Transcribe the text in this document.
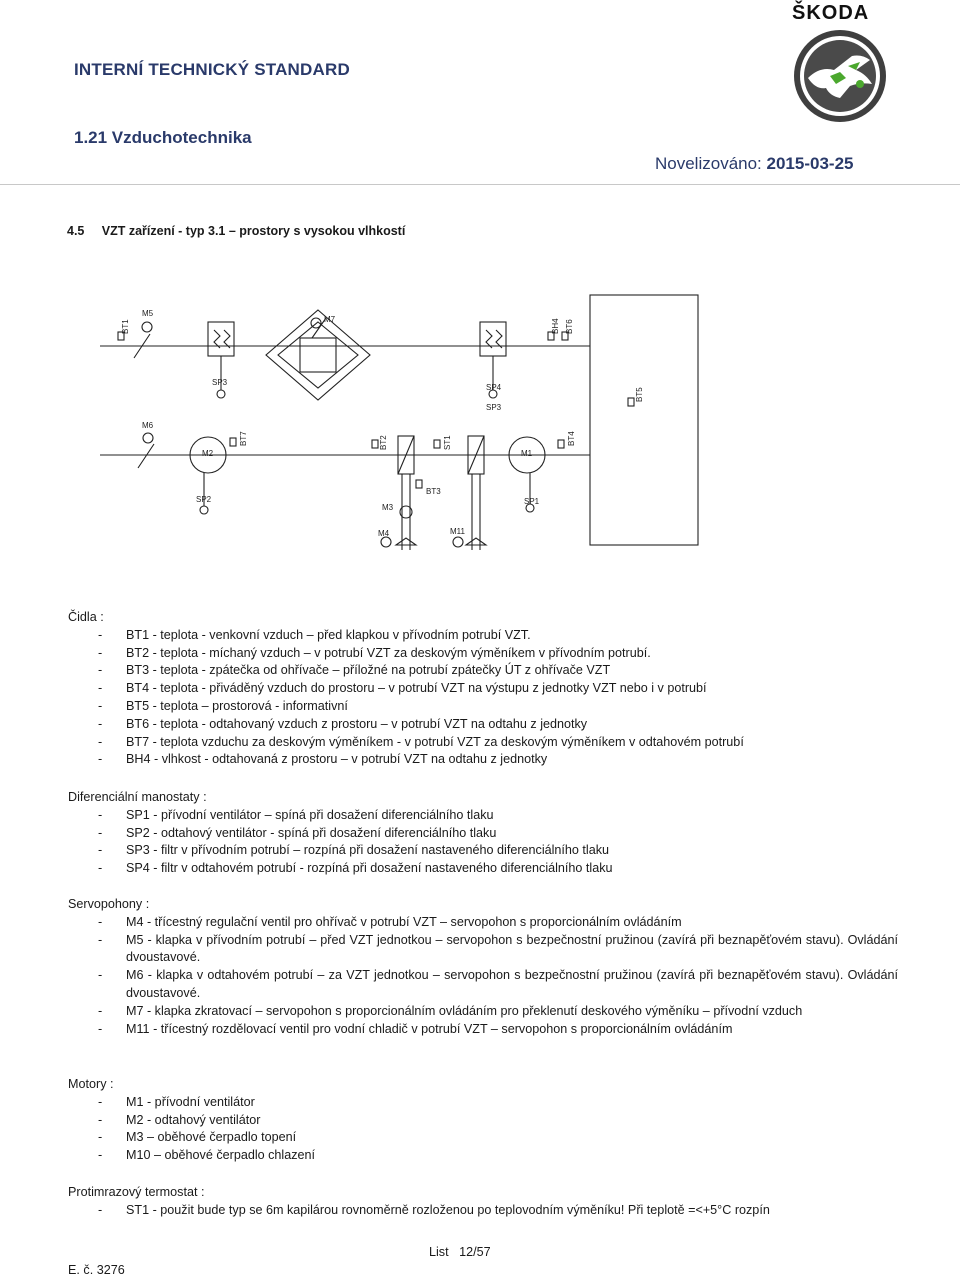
ŠKODA
INTERNÍ TECHNICKÝ STANDARD
1.21 Vzduchotechnika
Novelizováno: 2015-03-25
4.5     VZT zařízení - typ 3.1 – prostory s vysokou vlhkostí
BT1
M5
M7	BH4 BT6
SP3
SP4
SP3
BT5
M6
M2
BT7	BT2	ST1
BT3
M1
BT4
SP2	SP1
M3
M4	M11
Čidla :
-	BT1 - teplota - venkovní vzduch – před klapkou v přívodním potrubí VZT.
-	BT2 - teplota - míchaný vzduch – v potrubí VZT za deskovým výměníkem v přívodním potrubí.
-	BT3 - teplota - zpátečka od ohřívače – příložné na potrubí zpátečky ÚT z ohřívače VZT
-	BT4 - teplota - přiváděný vzduch do prostoru – v potrubí VZT na výstupu z jednotky VZT nebo i v potrubí
-	BT5 - teplota – prostorová - informativní
-	BT6 - teplota - odtahovaný vzduch z prostoru – v potrubí VZT na odtahu z jednotky
-	BT7 - teplota vzduchu za deskovým výměníkem - v potrubí VZT za deskovým výměníkem v odtahovém potrubí
-	BH4 - vlhkost - odtahovaná z prostoru – v potrubí VZT na odtahu z jednotky
Diferenciální manostaty :
-	SP1 - přívodní ventilátor – spíná při dosažení diferenciálního tlaku
-	SP2 - odtahový ventilátor - spíná při dosažení diferenciálního tlaku
-	SP3 - filtr v přívodním potrubí – rozpíná při dosažení nastaveného diferenciálního tlaku
-	SP4 - filtr v odtahovém potrubí - rozpíná při dosažení nastaveného diferenciálního tlaku
Servopohony :
-	M4 - třícestný regulační ventil pro ohřívač v potrubí VZT – servopohon s proporcionálním ovládáním
-	M5 - klapka v přívodním potrubí – před VZT jednotkou – servopohon s bezpečnostní pružinou (zavírá při beznapěťovém stavu). Ovládání dvoustavové.
-	M6 - klapka v odtahovém potrubí – za VZT jednotkou – servopohon s bezpečnostní pružinou (zavírá při beznapěťovém stavu). Ovládání dvoustavové.
-	M7 - klapka zkratovací – servopohon s proporcionálním ovládáním pro překlenutí deskového výměníku – přívodní vzduch
-	M11 - třícestný rozdělovací ventil pro vodní chladič v potrubí VZT – servopohon s proporcionálním ovládáním
Motory :
-	M1 - přívodní ventilátor
-	M2 - odtahový ventilátor
-	M3 – oběhové čerpadlo topení
-	M10 – oběhové čerpadlo chlazení
Protimrazový termostat :
-	ST1 - použit bude typ se 6m kapilárou rovnoměrně rozloženou po teplovodním výměníku! Při teplotě =<+5°C rozpín
List 12/57
E. č. 3276
